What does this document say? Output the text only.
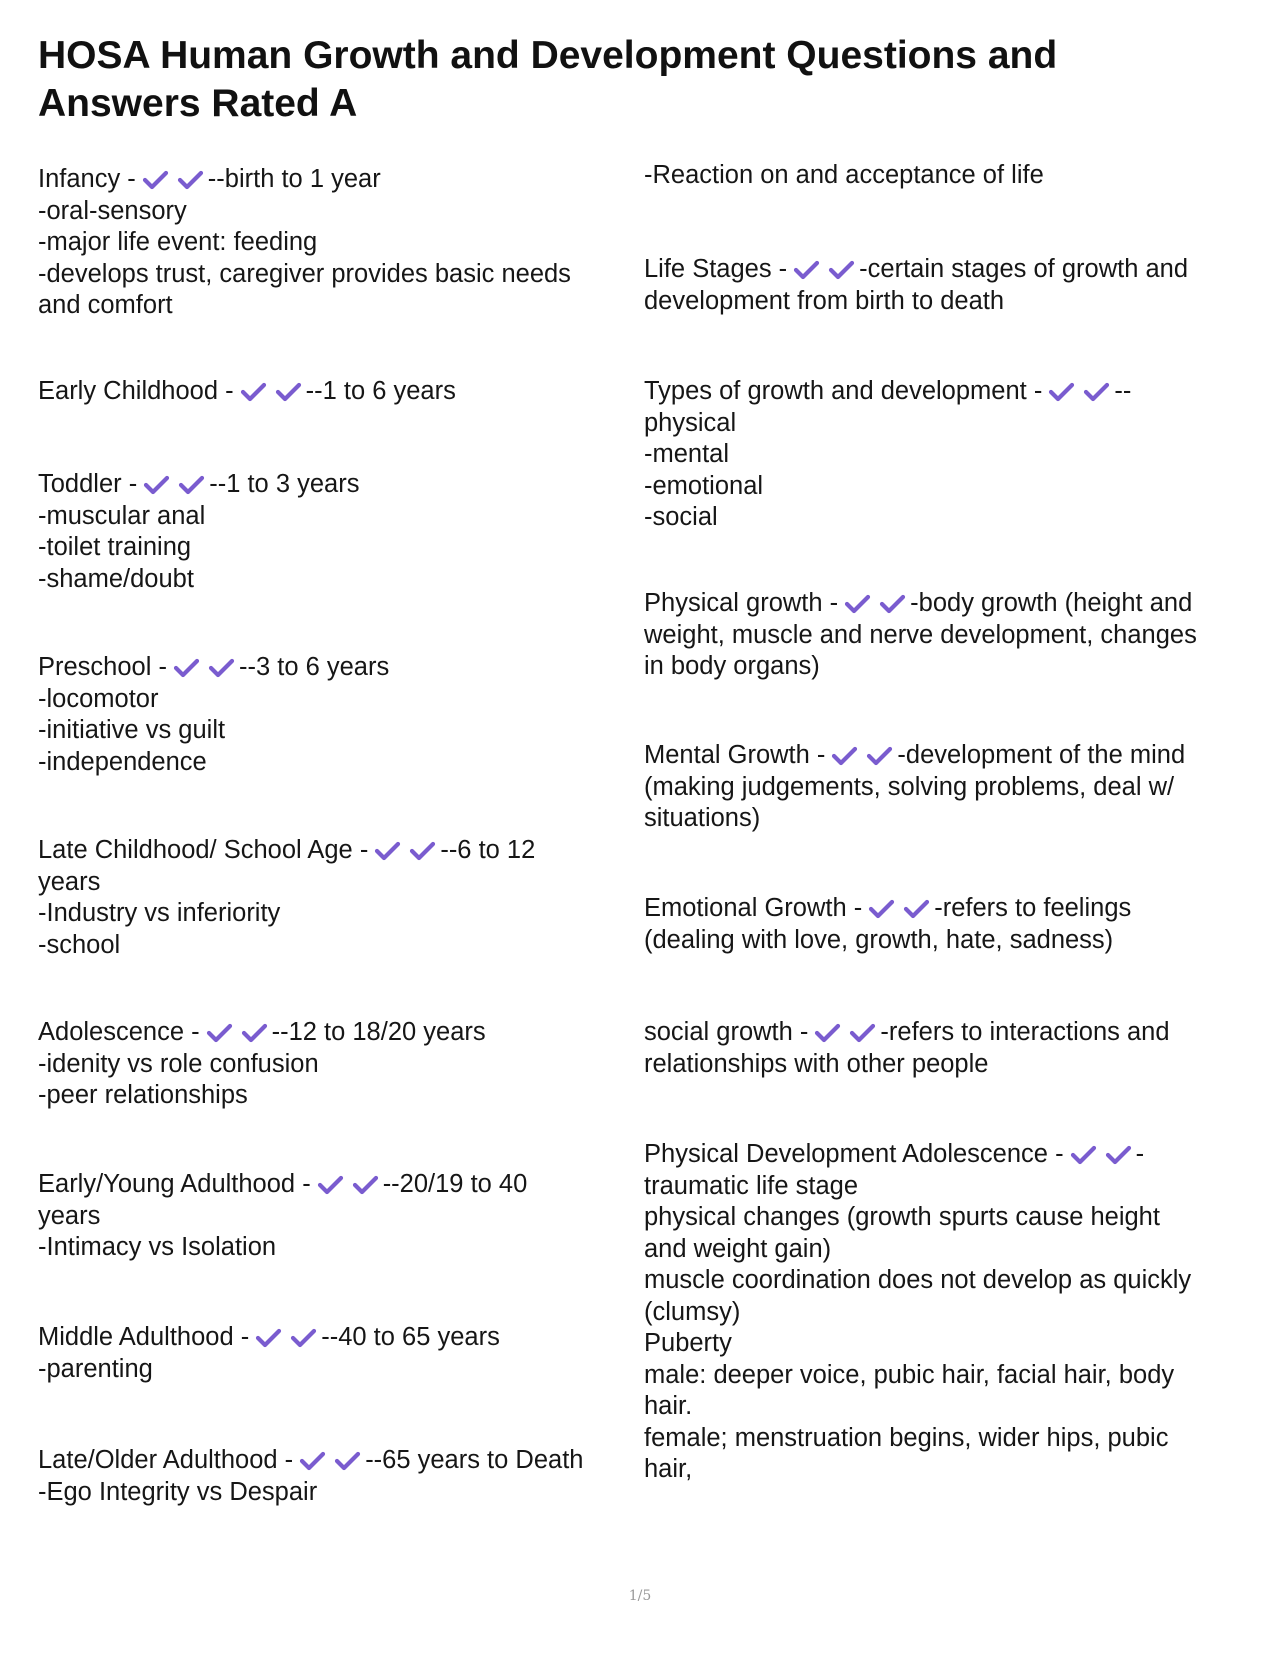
HOSA Human Growth and Development Questions and
Answers Rated A
Infancy -	--birth to 1 year
-oral-sensory
-major life event: feeding
-develops trust, caregiver provides basic needs
and comfort
Early Childhood -	--1 to 6 years
Toddler -	--1 to 3 years
-muscular anal
-toilet training
-shame/doubt
Preschool -	--3 to 6 years
-locomotor
-initiative vs guilt
-independence
Late Childhood/ School Age -	--6 to 12
years
-Industry vs inferiority
-school
Adolescence -	--12 to 18/20 years
-idenity vs role confusion
-peer relationships
Early/Young Adulthood -	--20/19 to 40
years
-Intimacy vs Isolation
Middle Adulthood -	--40 to 65 years
-parenting
Late/Older Adulthood -	--65 years to Death
-Ego Integrity vs Despair
-Reaction on and acceptance of life
Life Stages -	-certain stages of growth and
development from birth to death
Types of growth and development -	--
physical
-mental
-emotional
-social
Physical growth -	-body growth (height and
weight, muscle and nerve development, changes
in body organs)
Mental Growth -	-development of the mind
(making judgements, solving problems, deal w/
situations)
Emotional Growth -	-refers to feelings
(dealing with love, growth, hate, sadness)
social growth -	-refers to interactions and
relationships with other people
Physical Development Adolescence -	-
traumatic life stage
physical changes (growth spurts cause height
and weight gain)
muscle coordination does not develop as quickly
(clumsy)
Puberty
male: deeper voice, pubic hair, facial hair, body
hair.
female; menstruation begins, wider hips, pubic
hair,
1/5
